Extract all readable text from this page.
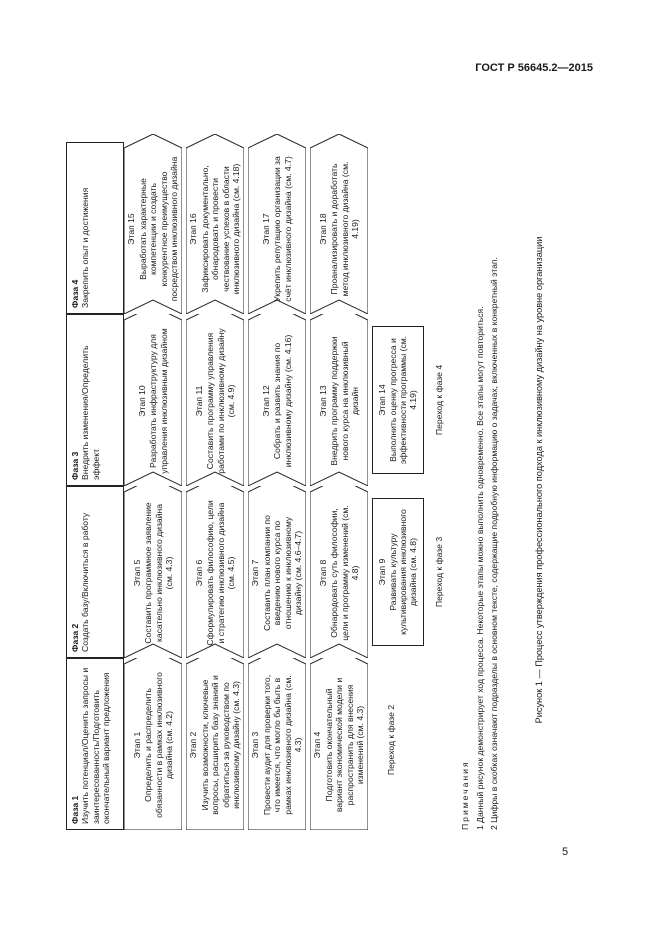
ГОСТ Р 56645.2—2015
Фаза 1 Изучить потенциал/Оценить запросы и заинтересованность/Подготовить окончательный вариант предложения
Фаза 2 Создать базу/Включиться в работу
Фаза 3 Внедрить изменения/Определить эффект
Фаза 4 Закрепить опыт и достижения
Этап 1 Определить и распределить обязанности в рамках инклюзивного дизайна (см. 4.2)
Этап 5 Составить программное заявление касательно инклюзивного дизайна (см. 4.3)
Этап 10 Разработать инфраструктуру для управления инклюзивным дизайном
Этап 15 Выработать характерные компетенции и создать конкурентное преимущество посредством инклюзивного дизайна
Этап 2 Изучить возможности, ключевые вопросы, расширить базу знаний и обратиться за руководством по инклюзивному дизайну (см. 4.3)
Этап 6 Сформулировать философию, цели и стратегию инклюзивного дизайна (см. 4.5)
Этап 11 Составить программу управления работами по инклюзивному дизайну (см. 4.9)
Этап 16 Зафиксировать документально, обнародовать и провести чествование успехов в области инклюзивного дизайна (см. 4.18)
Этап 3 Провести аудит для проверки того, что имеется, что могло бы быть в рамках инклюзивного дизайна (см. 4.3)
Этап 7 Составить план компании по введению нового курса по отношению к инклюзивному дизайну (см. 4.6–4.7)
Этап 12 Собрать и развить знания по инклюзивному дизайну (см. 4.16)
Этап 17 Укрепить репутацию организации за счёт инклюзивного дизайна (см. 4.7)
Этап 4 Подготовить окончательный вариант экономической модели и распространить для внесения изменений (см. 4.3)
Этап 8 Обнародовать суть философии, цели и программу изменений (см. 4.8)
Этап 13 Внедрить программу поддержки нового курса на инклюзивный дизайн
Этап 18 Проанализировать и доработать метод инклюзивного дизайна (см. 4.19)
Этап 9 Развивать культуру культивирования инклюзивного дизайна (см. 4.8)
Этап 14 Выполнить оценку прогресса и эффективности программы (см. 4.19)
Переход к фазе 2
Переход к фазе 3
Переход к фазе 4
Примечания 1 Данный рисунок демонстрирует ход процесса. Некоторые этапы можно выполнить одновременно. Все этапы могут повториться. 2 Цифры в скобках означают подразделы в основном тексте, содержащие подробную информацию о задачах, включенных в конкретный этап.	Рисунок 1 — Процесс утверждения профессионального подхода к инклюзивному дизайну на уровне организации
5
